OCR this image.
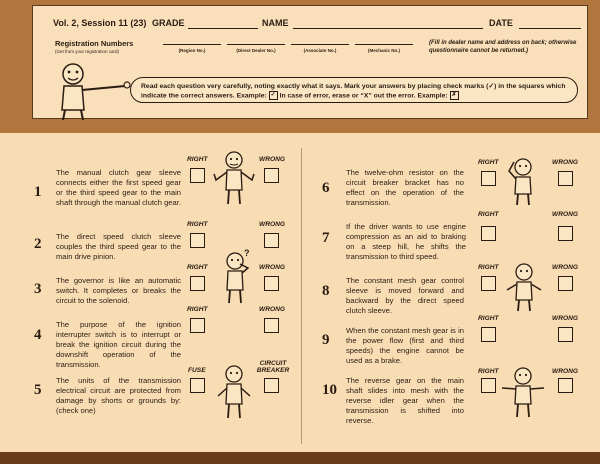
Vol. 2, Session 11 (23) GRADE	NAME	DATE
Registration Numbers
(Get from your registration card)	(Region No.)	(Direct Dealer No.)	(Associate No.)	(Mechanic No.)
(Fill in dealer name and address on back; otherwise questionnaire cannot be returned.)
Read each question very carefully, noting exactly what it says. Mark your answers by placing check marks (✓) in the squares which indicate the correct answers. Example: ✓ In case of error, erase or “X” out the error. Example: ✗
1
The manual clutch gear sleeve connects either the first speed gear or the third speed gear to the main shaft through the manual clutch gear.
RIGHT	WRONG
2 The direct speed clutch sleeve couples the third speed gear to the main drive pinion.
RIGHT	WRONG
3
The governor is like an automatic switch. It completes or breaks the circuit to the solenoid.
RIGHT	WRONG
4
The purpose of the ignition interrupter switch is to interrupt or break the ignition circuit during the downshift operation of the transmission.
RIGHT	WRONG
5
The units of the transmission electrical circuit are protected from damage by shorts or grounds by: (check one)
FUSE
CIRCUIT BREAKER
6
The twelve-ohm resistor on the circuit breaker bracket has no effect on the operation of the transmission.
RIGHT	WRONG
7
If the driver wants to use engine compression as an aid to braking on a steep hill, he shifts the transmission to third speed.
RIGHT	WRONG
8
The constant mesh gear control sleeve is moved forward and backward by the direct speed clutch sleeve.
RIGHT	WRONG
9
When the constant mesh gear is in the power flow (first and third speeds) the engine cannot be used as a brake.
RIGHT	WRONG
10
The reverse gear on the main shaft slides into mesh with the reverse idler gear when the transmission is shifted into reverse.
RIGHT	WRONG
?
